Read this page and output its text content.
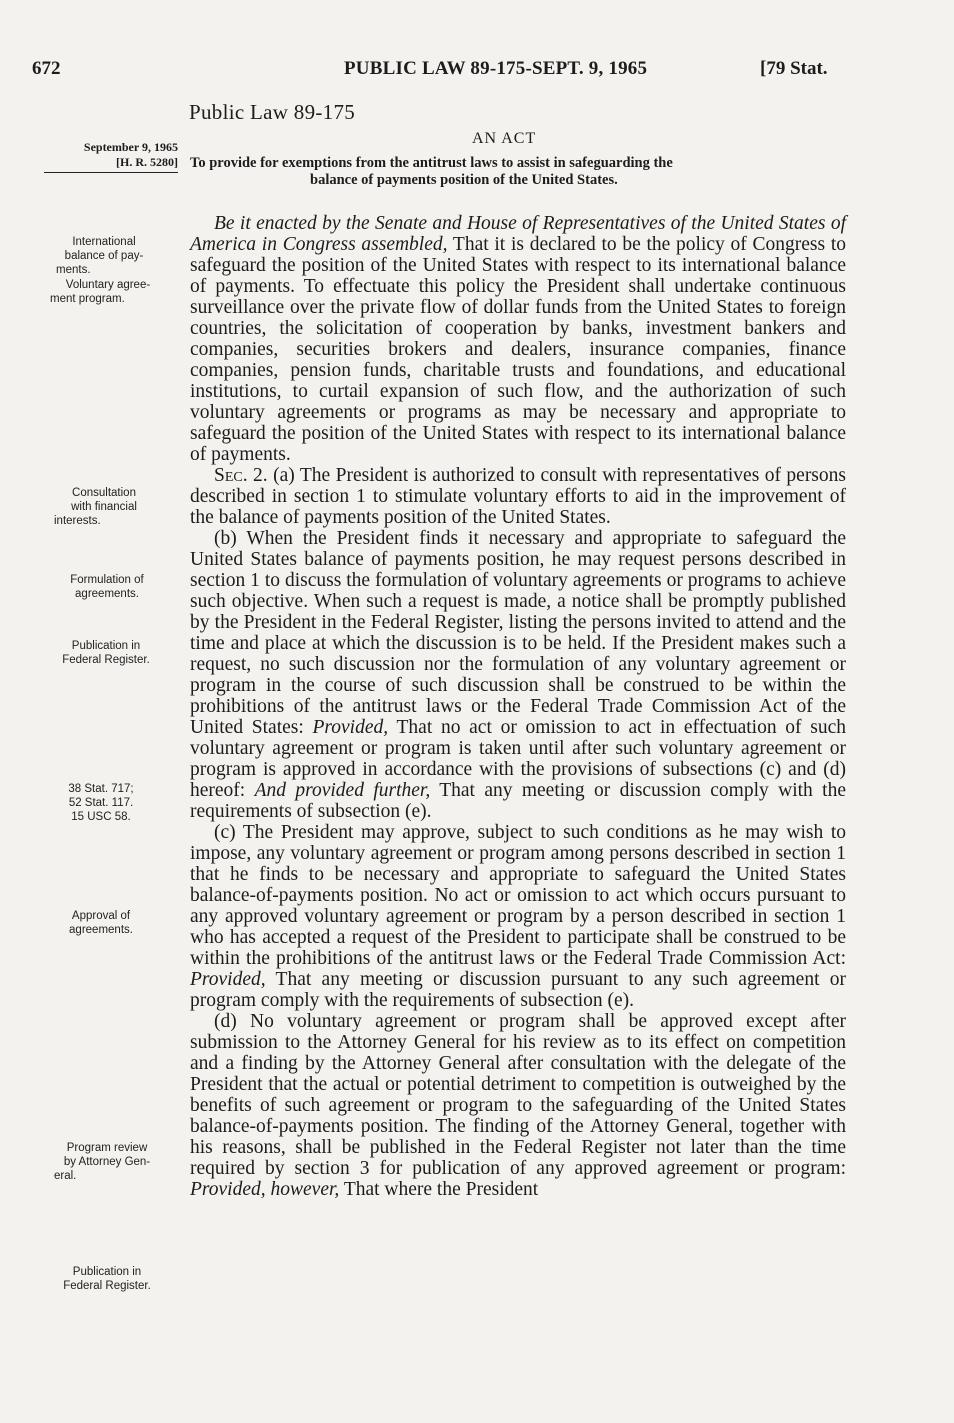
672	PUBLIC LAW 89-175-SEPT. 9, 1965	[79 Stat.
Public Law 89-175
September 9, 1965
[H. R. 5280]
AN ACT
To provide for exemptions from the antitrust laws to assist in safeguarding the
balance of payments position of the United States.
International
balance of pay-
ments.
Voluntary agree-
ment program.
Consultation
with financial
interests.
Formulation of
agreements.
Publication in
Federal Register.
38 Stat. 717;
52 Stat. 117.
15 USC 58.
Approval of
agreements.
Program review
by Attorney Gen-
eral.
Publication in
Federal Register.

Be it enacted by the Senate and House of Representatives of the United States of America in Congress assembled, That it is declared to be the policy of Congress to safeguard the position of the United States with respect to its international balance of payments. To effectuate this policy the President shall undertake continuous surveillance over the private flow of dollar funds from the United States to foreign countries, the solicitation of cooperation by banks, investment bankers and companies, securities brokers and dealers, insurance companies, finance companies, pension funds, charitable trusts and foundations, and educational institutions, to curtail expansion of such flow, and the authorization of such voluntary agreements or programs as may be necessary and appropriate to safeguard the position of the United States with respect to its international balance of payments.

Sec. 2. (a) The President is authorized to consult with representatives of persons described in section 1 to stimulate voluntary efforts to aid in the improvement of the balance of payments position of the United States.

(b) When the President finds it necessary and appropriate to safeguard the United States balance of payments position, he may request persons described in section 1 to discuss the formulation of voluntary agreements or programs to achieve such objective. When such a request is made, a notice shall be promptly published by the President in the Federal Register, listing the persons invited to attend and the time and place at which the discussion is to be held. If the President makes such a request, no such discussion nor the formulation of any voluntary agreement or program in the course of such discussion shall be construed to be within the prohibitions of the antitrust laws or the Federal Trade Commission Act of the United States: Provided, That no act or omission to act in effectuation of such voluntary agreement or program is taken until after such voluntary agreement or program is approved in accordance with the provisions of subsections (c) and (d) hereof: And provided further, That any meeting or discussion comply with the requirements of subsection (e).

(c) The President may approve, subject to such conditions as he may wish to impose, any voluntary agreement or program among persons described in section 1 that he finds to be necessary and appropriate to safeguard the United States balance-of-payments position. No act or omission to act which occurs pursuant to any approved voluntary agreement or program by a person described in section 1 who has accepted a request of the President to participate shall be construed to be within the prohibitions of the antitrust laws or the Federal Trade Commission Act: Provided, That any meeting or discussion pursuant to any such agreement or program comply with the requirements of subsection (e).

(d) No voluntary agreement or program shall be approved except after submission to the Attorney General for his review as to its effect on competition and a finding by the Attorney General after consultation with the delegate of the President that the actual or potential detriment to competition is outweighed by the benefits of such agreement or program to the safeguarding of the United States balance-of-payments position. The finding of the Attorney General, together with his reasons, shall be published in the Federal Register not later than the time required by section 3 for publication of any approved agreement or program: Provided, however, That where the President
